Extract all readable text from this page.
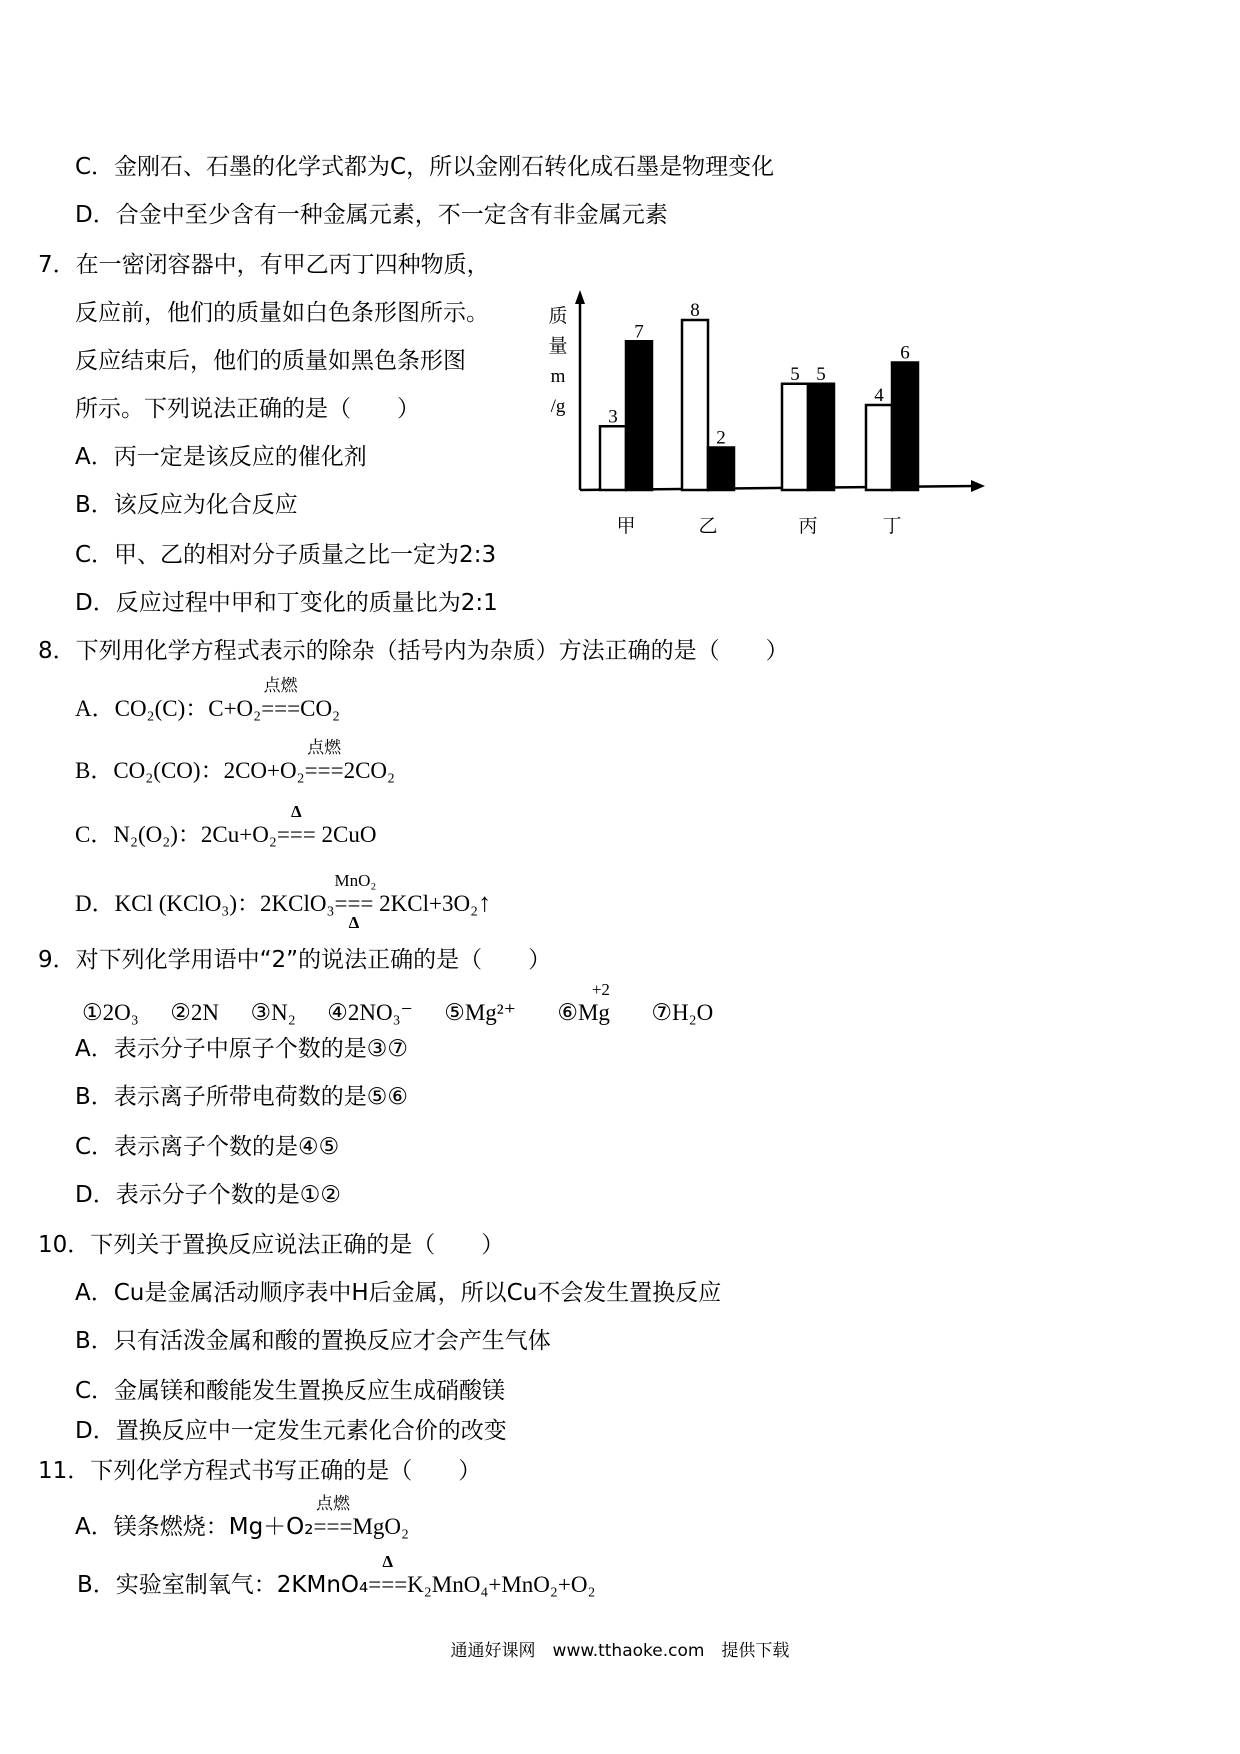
C．金刚石、石墨的化学式都为C，所以金刚石转化成石墨是物理变化
D．合金中至少含有一种金属元素，不一定含有非金属元素
7．在一密闭容器中，有甲乙丙丁四种物质，
反应前，他们的质量如白色条形图所示。
反应结束后，他们的质量如黑色条形图
所示。下列说法正确的是（　　）
A．丙一定是该反应的催化剂
B．该反应为化合反应
C．甲、乙的相对分子质量之比一定为2:3
D．反应过程中甲和丁变化的质量比为2:1
质
量
m
/g 3
7
甲
8
2
乙
5 5
丙
4
6
丁
8．下列用化学方程式表示的除杂（括号内为杂质）方法正确的是（　　）
A．CO₂(C)：C+O₂
点燃
===CO₂
B．CO₂(CO)：2CO+O₂
点燃
===2CO₂
C．N₂(O₂)：2Cu+O₂
Δ
=== 2CuO
D．KCl (KClO₃)：2KClO₃
MnO₂
===
Δ
2KCl+3O₂↑
9．对下列化学用语中“2”的说法正确的是（　　）
①2O₃ ②2N ③N₂ ④2NO₃⁻ ⑤Mg²⁺
+2
⑥Mg ⑦H₂O
A．表示分子中原子个数的是③⑦
B．表示离子所带电荷数的是⑤⑥
C．表示离子个数的是④⑤
D．表示分子个数的是①②
10．下列关于置换反应说法正确的是（　　）
A．Cu是金属活动顺序表中H后金属，所以Cu不会发生置换反应
B．只有活泼金属和酸的置换反应才会产生气体
C．金属镁和酸能发生置换反应生成硝酸镁
D．置换反应中一定发生元素化合价的改变
11．下列化学方程式书写正确的是（　　）
A．镁条燃烧：Mg＋O₂
点燃
===MgO₂
B．实验室制氧气：2KMnO₄
Δ
===K₂MnO₄+MnO₂+O₂
通通好课网　www.tthaoke.com　提供下载
